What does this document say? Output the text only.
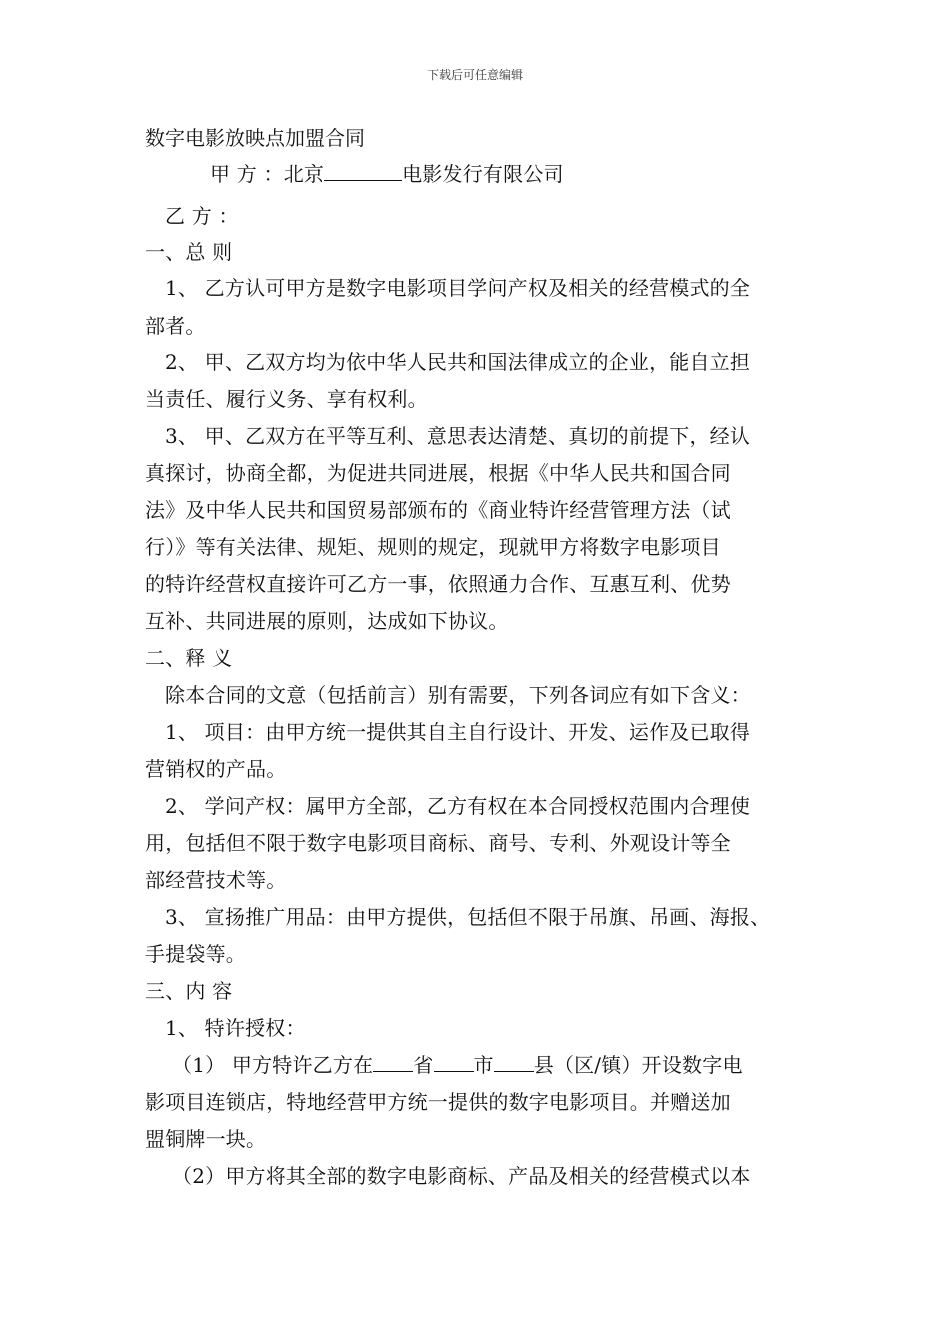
下载后可任意编辑
数字电影放映点加盟合同
甲 方 ：北京	电影发行有限公司
乙 方 ：
一、总 则
1、 乙方认可甲方是数字电影项目学问产权及相关的经营模式的全
部者。
2、 甲、乙双方均为依中华人民共和国法律成立的企业，能自立担
当责任、履行义务、享有权利。
3、 甲、乙双方在平等互利、意思表达清楚、真切的前提下，经认
真探讨，协商全都，为促进共同进展，根据《中华人民共和国合同
法》及中华人民共和国贸易部颁布的《商业特许经营管理方法（试
行）》等有关法律、规矩、规则的规定，现就甲方将数字电影项目
的特许经营权直接许可乙方一事，依照通力合作、互惠互利、优势
互补、共同进展的原则，达成如下协议。
二、释 义
除本合同的文意（包括前言）别有需要，下列各词应有如下含义：
1、 项目：由甲方统一提供其自主自行设计、开发、运作及已取得
营销权的产品。
2、 学问产权：属甲方全部，乙方有权在本合同授权范围内合理使
用，包括但不限于数字电影项目商标、商号、专利、外观设计等全
部经营技术等。
3、 宣扬推广用品：由甲方提供，包括但不限于吊旗、吊画、海报、
手提袋等。
三、内 容
1、 特许授权：
（1） 甲方特许乙方在 省 市 县（区/镇）开设数字电
影项目连锁店，特地经营甲方统一提供的数字电影项目。并赠送加
盟铜牌一块。
（2）甲方将其全部的数字电影商标、产品及相关的经营模式以本
